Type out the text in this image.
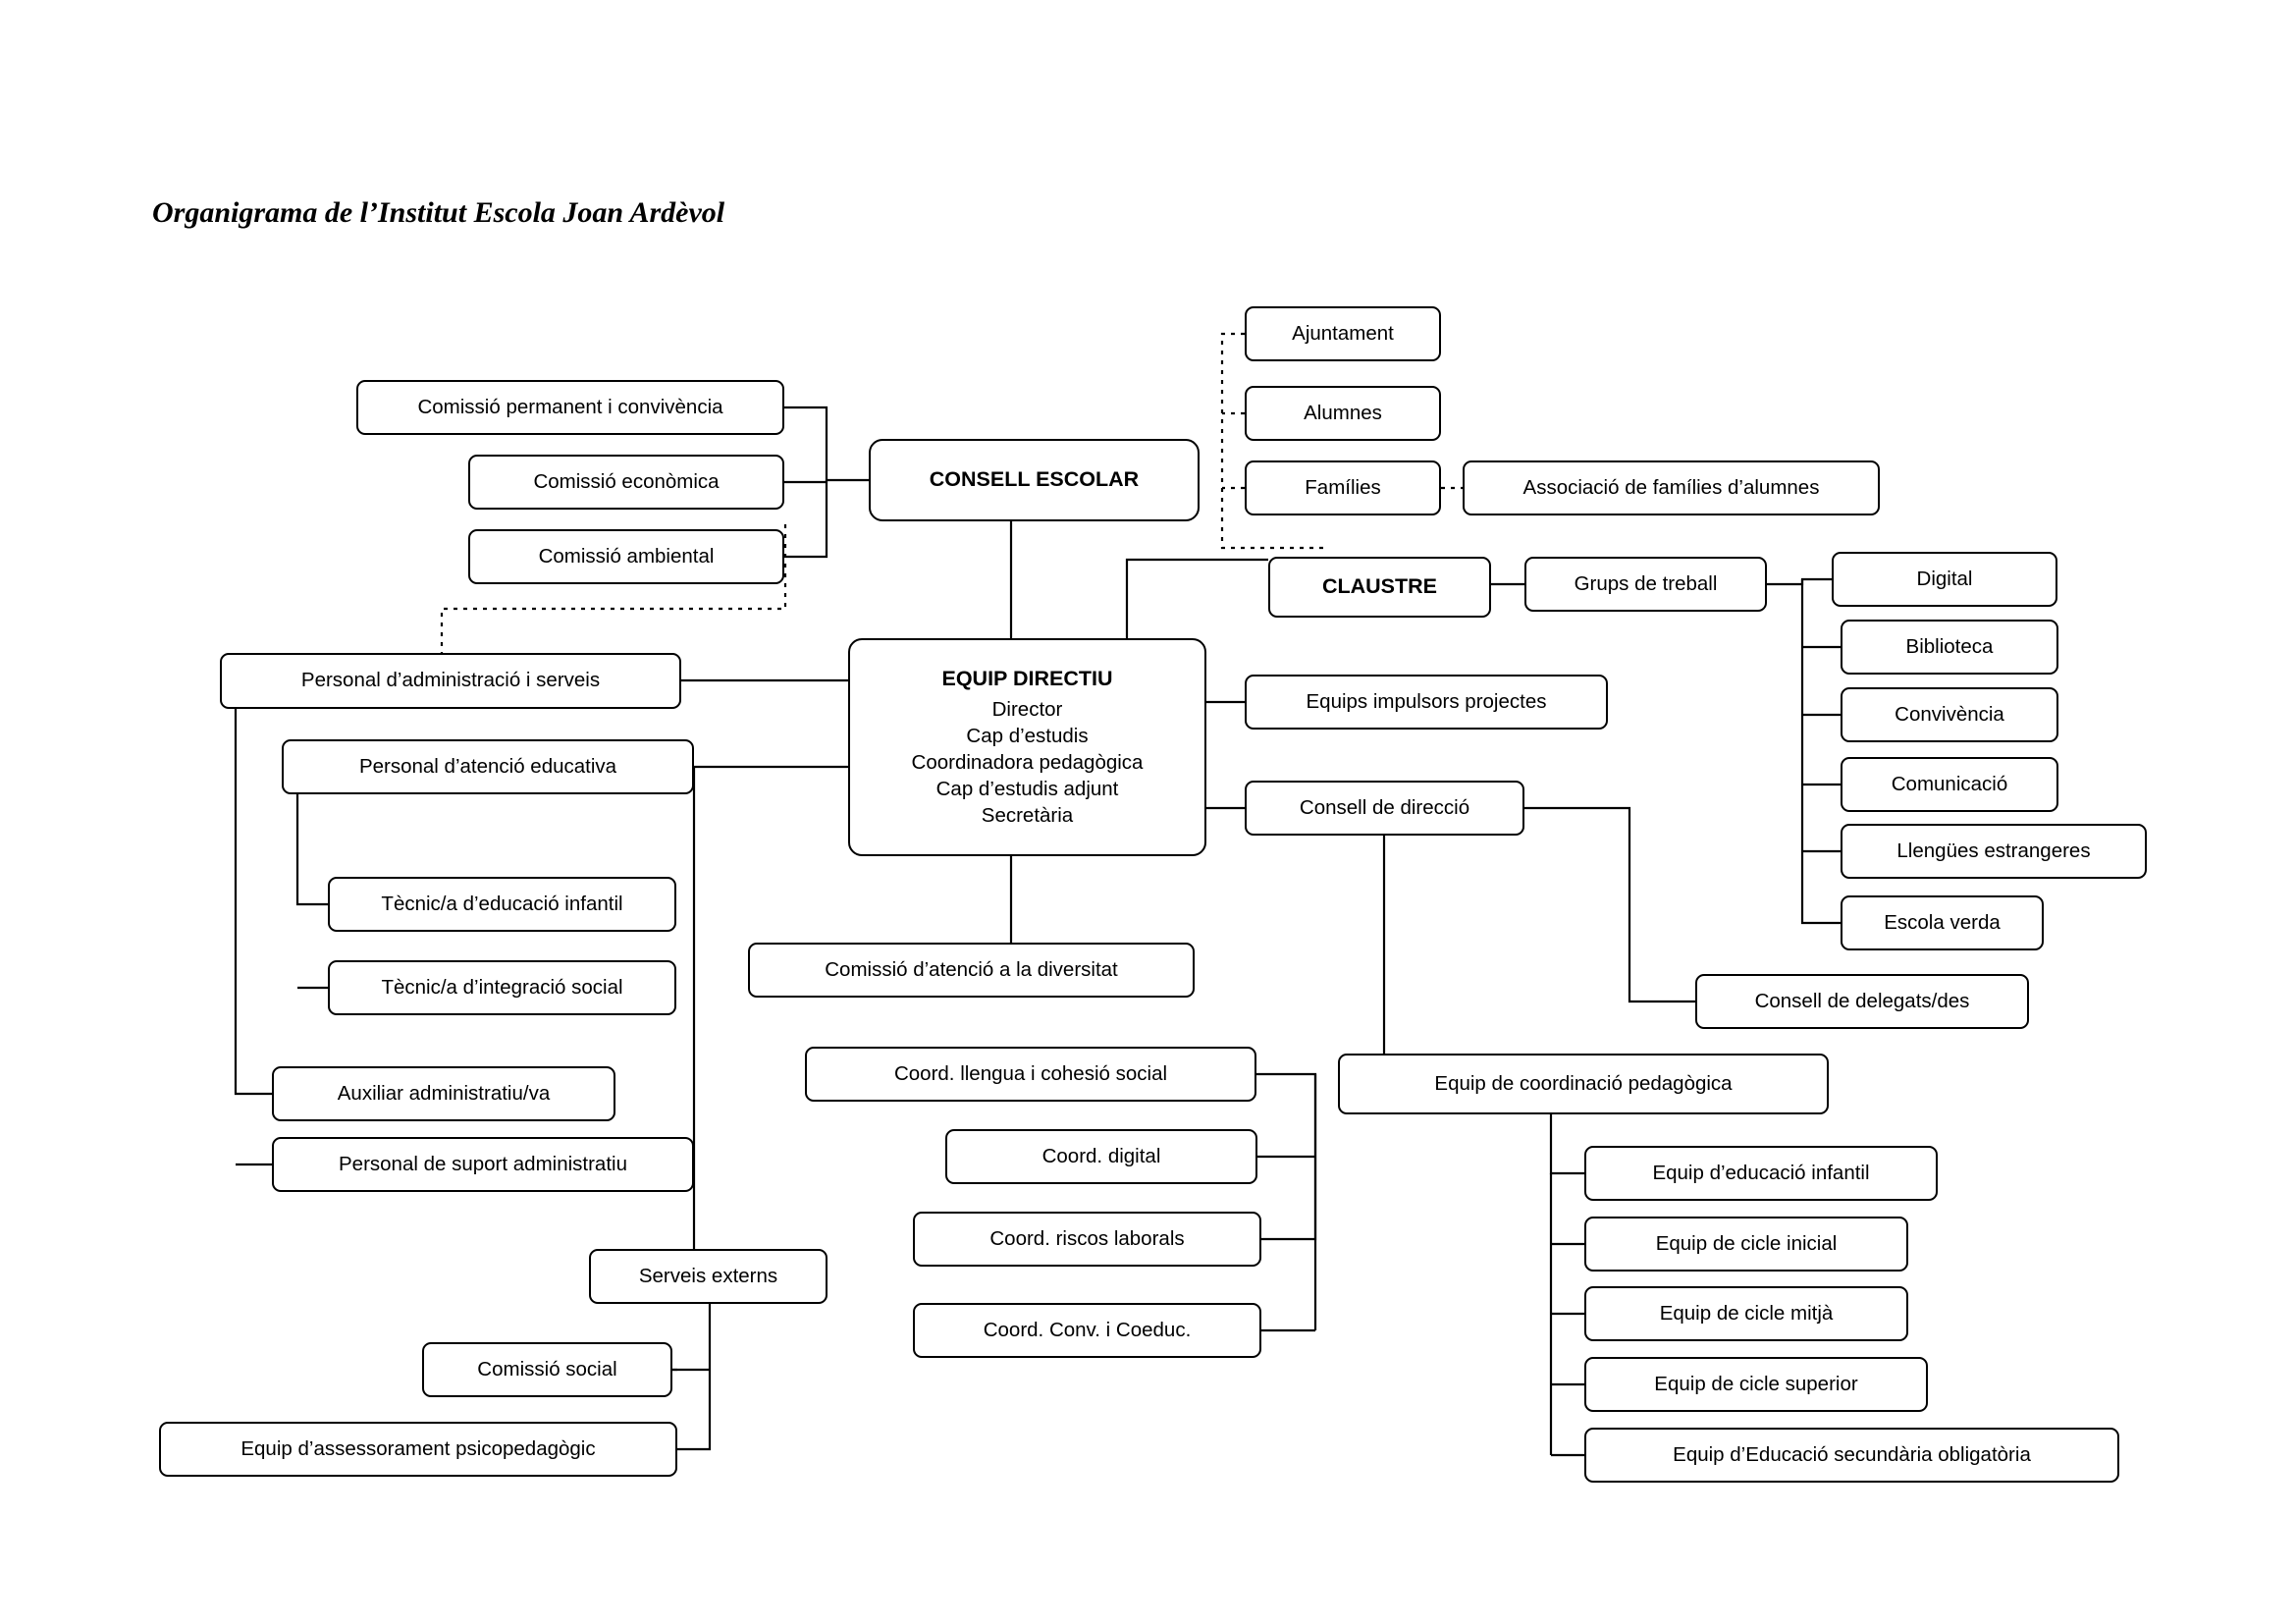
Organigrama de l’Institut Escola Joan Ardèvol
Comissió permanent i convivència
Comissió econòmica
Comissió ambiental
CONSELL ESCOLAR
Ajuntament
Alumnes
Famílies	Associació de famílies d’alumnes
CLAUSTRE	Grups de treball	Digital
Biblioteca
Convivència
Comunicació
Llengües estrangeres
Escola verda
EQUIP DIRECTIU
Director
Cap d’estudis
Coordinadora pedagògica
Cap d’estudis adjunt
Secretària
Personal d’administració i serveis
Personal d’atenció educativa
Tècnic/a d’educació infantil
Tècnic/a d’integració social
Auxiliar administratiu/va
Personal de suport administratiu
Equips impulsors projectes
Consell de direcció
Comissió d’atenció a la diversitat
Consell de delegats/des
Coord. llengua i cohesió social	Equip de coordinació pedagògica
Coord. digital
Coord. riscos laborals
Coord. Conv. i Coeduc.
Serveis externs
Comissió social
Equip d’assessorament psicopedagògic
Equip d’educació infantil
Equip de cicle inicial
Equip de cicle mitjà
Equip de cicle superior
Equip d’Educació secundària obligatòria
